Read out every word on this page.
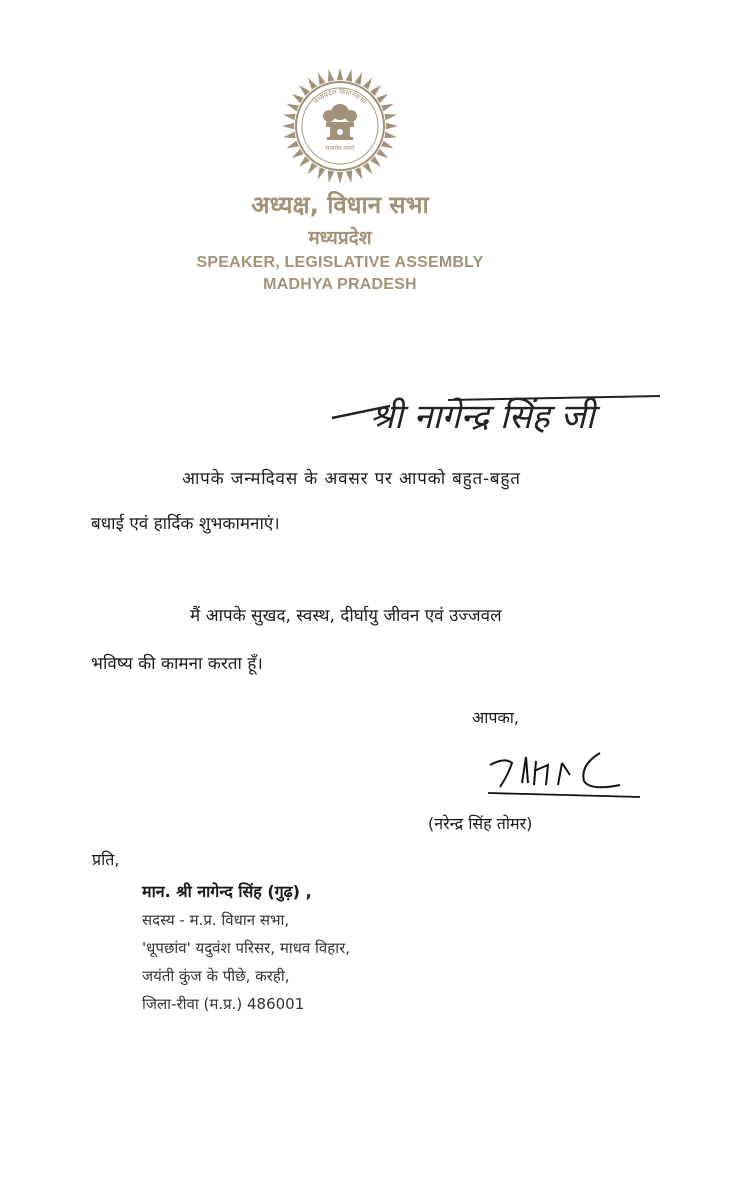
सत्यमेव जयते
मध्यप्रदेश विधानसभा
अध्यक्ष, विधान सभा
मध्यप्रदेश
SPEAKER, LEGISLATIVE ASSEMBLY
MADHYA PRADESH
श्री नागेन्द्र सिंह जी
आपके जन्मदिवस के अवसर पर आपको बहुत-बहुत
बधाई एवं हार्दिक शुभकामनाएं।
मैं आपके सुखद, स्वस्थ, दीर्घायु जीवन एवं उज्जवल
भविष्य की कामना करता हूँ।
आपका,
(नरेन्द्र सिंह तोमर)
प्रति,
मान. श्री नागेन्द सिंह (गुढ़) ,
सदस्य - म.प्र. विधान सभा,
'धूपछांव' यदुवंश परिसर, माधव विहार,
जयंती कुंज के पीछे, करही,
जिला-रीवा (म.प्र.) 486001
